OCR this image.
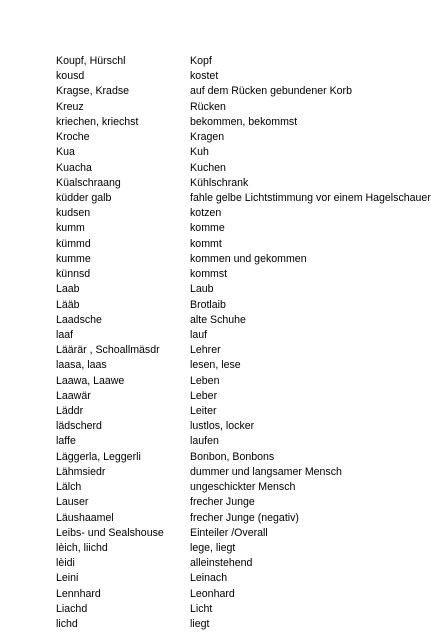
Koupf, Hürschl	Kopf
kousd	kostet
Kragse, Kradse	auf dem Rücken gebundener Korb
Kreuz	Rücken
kriechen, kriechst	bekommen, bekommst
Kroche	Kragen
Kua	Kuh
Kuacha	Kuchen
Küalschraang	Kühlschrank
küdder galb	fahle gelbe Lichtstimmung vor einem Hagelschauer
kudsen	kotzen
kumm	komme
kümmd	kommt
kumme	kommen und gekommen
künnsd	kommst
Laab	Laub
Lääb	Brotlaib
Laadsche	alte Schuhe
laaf	lauf
Läärär , Schoallmäsdr	Lehrer
laasa, laas	lesen, lese
Laawa, Laawe	Leben
Laawär	Leber
Läddr	Leiter
lädscherd	lustlos, locker
laffe	laufen
Läggerla, Leggerli	Bonbon, Bonbons
Lähmsiedr	dummer und langsamer Mensch
Lälch	ungeschickter Mensch
Lauser	frecher Junge
Läushaamel	frecher Junge (negativ)
Leibs- und Sealshouse	Einteiler /Overall
lèich, liichd	lege, liegt
lèidi	alleinstehend
Leini	Leinach
Lennhard	Leonhard
Liachd	Licht
lichd	liegt
